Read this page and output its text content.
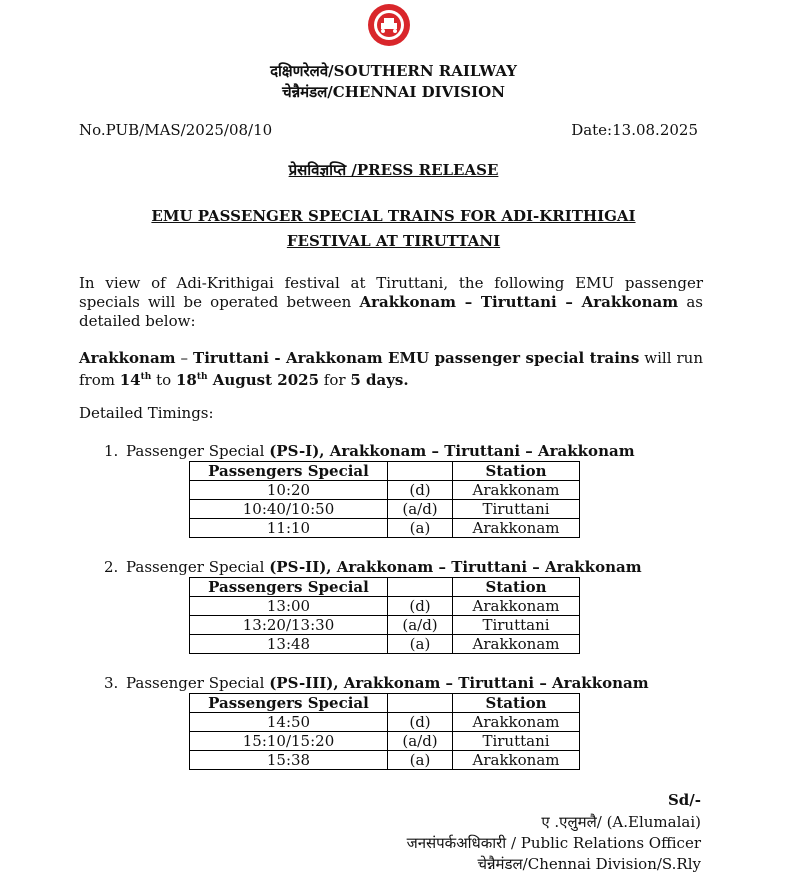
दक्षिणरेलवे/SOUTHERN RAILWAY
चेन्नैमंडल/CHENNAI DIVISION
No.PUB/MAS/2025/08/10	Date:13.08.2025
प्रेसविज्ञप्ति /PRESS RELEASE
EMU PASSENGER SPECIAL TRAINS FOR ADI-KRITHIGAI
FESTIVAL AT TIRUTTANI
In view of Adi-Krithigai festival at Tiruttani, the following EMU passenger specials will be operated between Arakkonam – Tiruttani – Arakkonam as detailed below:
Arakkonam – Tiruttani - Arakkonam EMU passenger special trains will run from 14th to 18th August 2025 for 5 days.
Detailed Timings:
1. Passenger Special (PS-I), Arakkonam – Tiruttani – Arakkonam
Passengers Special		Station
10:20	(d)	Arakkonam
10:40/10:50	(a/d)	Tiruttani
11:10	(a)	Arakkonam
2. Passenger Special (PS-II), Arakkonam – Tiruttani – Arakkonam
Passengers Special		Station
13:00	(d)	Arakkonam
13:20/13:30	(a/d)	Tiruttani
13:48	(a)	Arakkonam
3. Passenger Special (PS-III), Arakkonam – Tiruttani – Arakkonam
Passengers Special		Station
14:50	(d)	Arakkonam
15:10/15:20	(a/d)	Tiruttani
15:38	(a)	Arakkonam
Sd/-
ए .एलुमलै/ (A.Elumalai)
जनसंपर्कअधिकारी / Public Relations Officer
चेन्नैमंडल/Chennai Division/S.Rly
